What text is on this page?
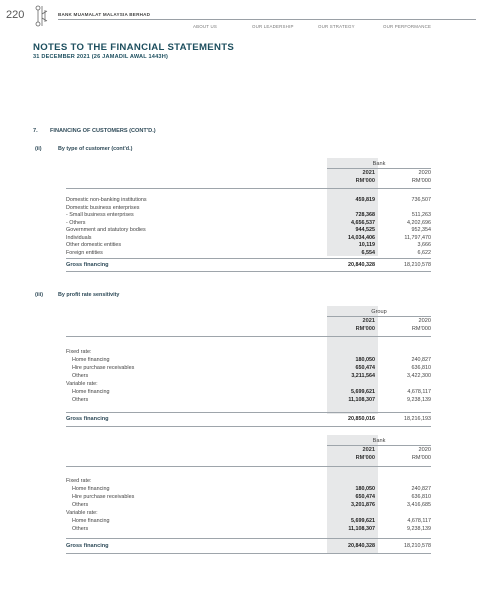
220	BANK MUAMALAT MALAYSIA BERHAD
ABOUT US	OUR LEADERSHIP	OUR STRATEGY	OUR PERFORMANCE
NOTES TO THE FINANCIAL STATEMENTS
31 DECEMBER 2021 (26 JAMADIL AWAL 1443H)
7. FINANCING OF CUSTOMERS (CONT'D.)
(ii)	By type of customer (cont'd.)
Bank
2021	2020
RM'000	RM'000
Domestic non-banking institutions	459,819	736,507
Domestic business enterprises
- Small business enterprises	728,368	511,263
- Others	4,656,537	4,202,696
Government and statutory bodies	944,525	952,354
Individuals	14,034,406	11,797,470
Other domestic entities	10,119	3,666
Foreign entities	6,554	6,622
Gross financing	20,840,328	18,210,578
(iii)	By profit rate sensitivity
Group
2021	2020
RM'000	RM'000
Fixed rate:
Home financing	180,050	240,827
Hire purchase receivables	650,474	636,810
Others	3,211,564	3,422,300
Variable rate:
Home financing	5,699,621	4,678,117
Others	11,108,307	9,238,139
Gross financing	20,850,016	18,216,193
Bank
2021	2020
RM'000	RM'000
Fixed rate:
Home financing	180,050	240,827
Hire purchase receivables	650,474	636,810
Others	3,201,876	3,416,685
Variable rate:
Home financing	5,699,621	4,678,117
Others	11,108,307	9,238,139
Gross financing	20,840,328	18,210,578
